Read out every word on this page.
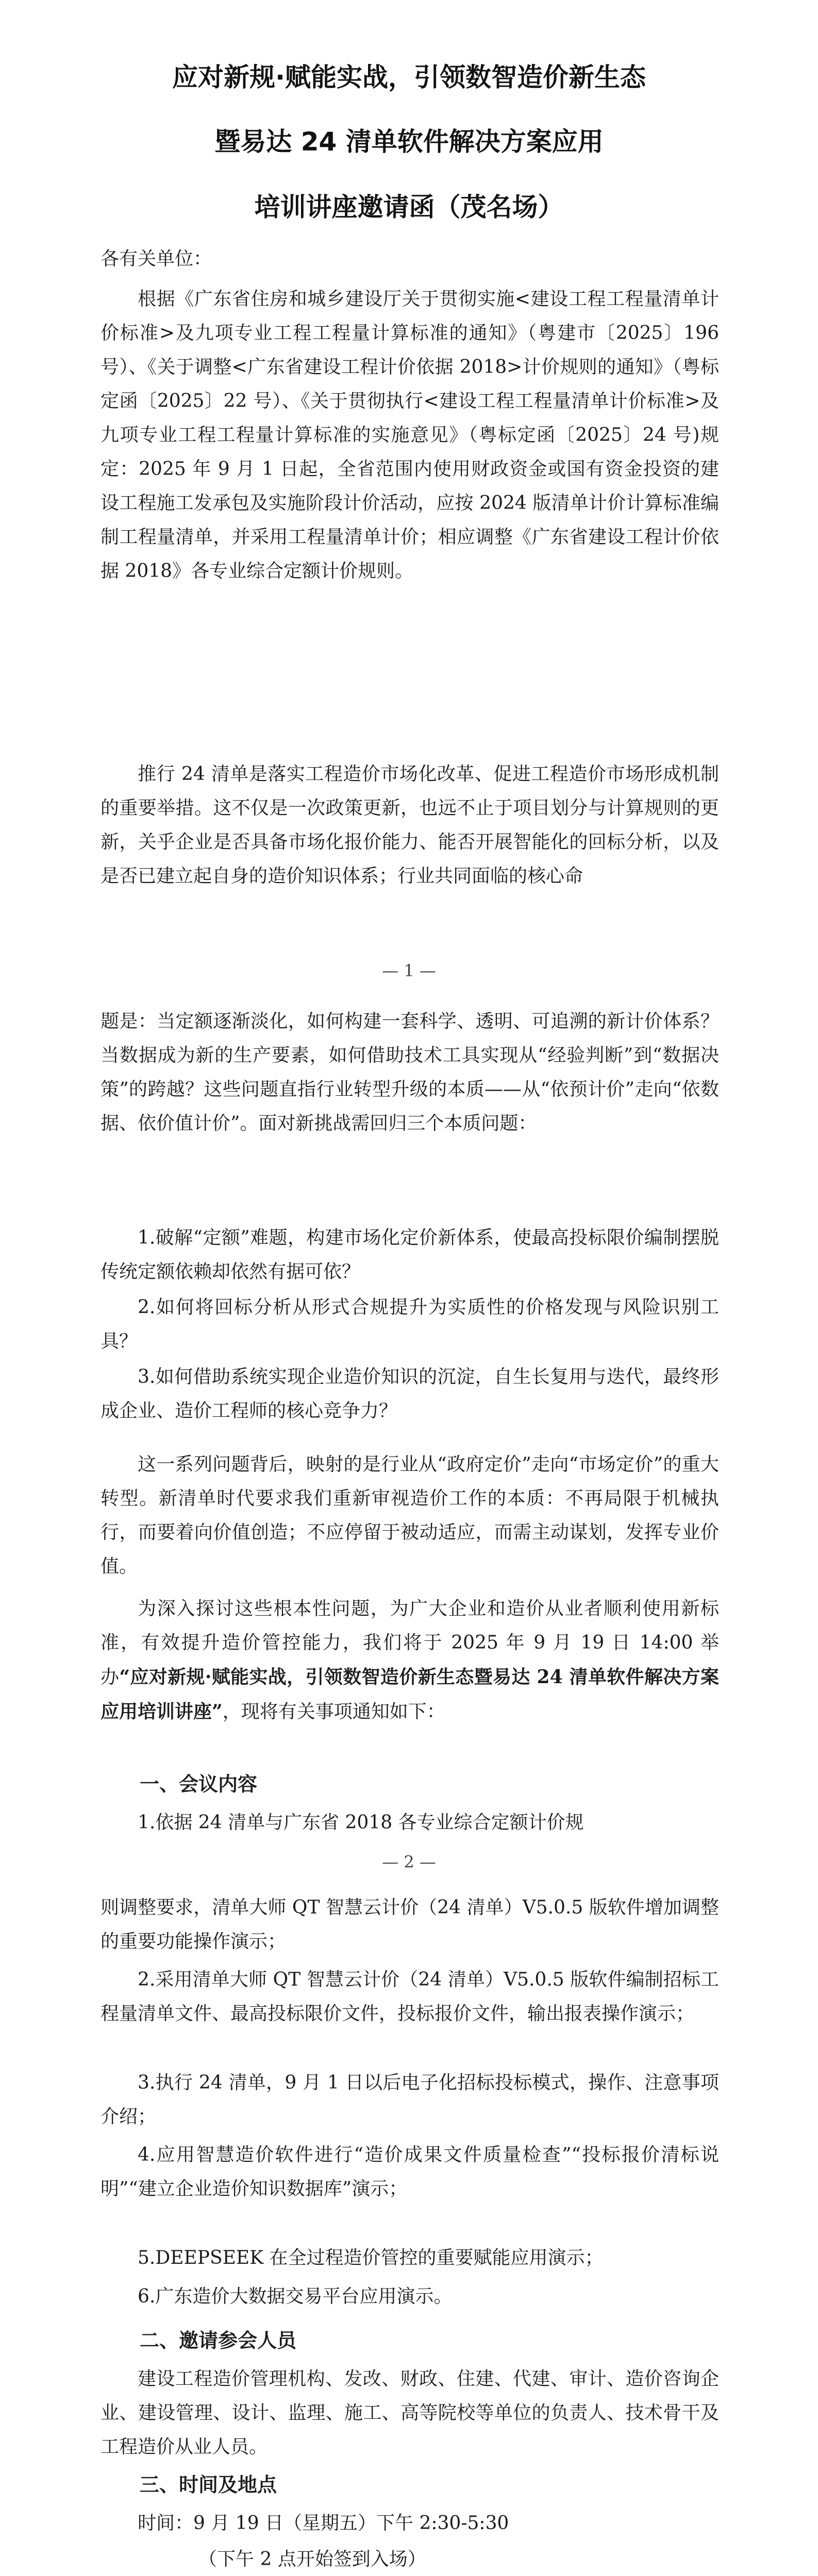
应对新规·赋能实战，引领数智造价新生态
暨易达 24 清单软件解决方案应用
培训讲座邀请函（茂名场）

各有关单位：

根据《广东省住房和城乡建设厅关于贯彻实施<建设工程工程量清单计价标准>及九项专业工程工程量计算标准的通知》（粤建市〔2025〕196号）、《关于调整<广东省建设工程计价依据 2018>计价规则的通知》（粤标定函〔2025〕22 号）、《关于贯彻执行<建设工程工程量清单计价标准>及九项专业工程工程量计算标准的实施意见》（粤标定函〔2025〕24 号)规定：2025 年 9 月 1 日起，全省范围内使用财政资金或国有资金投资的建设工程施工发承包及实施阶段计价活动，应按 2024 版清单计价计算标准编制工程量清单，并采用工程量清单计价；相应调整《广东省建设工程计价依据 2018》各专业综合定额计价规则。

推行 24 清单是落实工程造价市场化改革、促进工程造价市场形成机制的重要举措。这不仅是一次政策更新，也远不止于项目划分与计算规则的更新，关乎企业是否具备市场化报价能力、能否开展智能化的回标分析，以及是否已建立起自身的造价知识体系；行业共同面临的核心命

— 1 —

题是：当定额逐渐淡化，如何构建一套科学、透明、可追溯的新计价体系？当数据成为新的生产要素，如何借助技术工具实现从“经验判断”到“数据决策”的跨越？这些问题直指行业转型升级的本质——从“依预计价”走向“依数据、依价值计价”。面对新挑战需回归三个本质问题：

1.破解“定额”难题，构建市场化定价新体系，使最高投标限价编制摆脱传统定额依赖却依然有据可依？

2.如何将回标分析从形式合规提升为实质性的价格发现与风险识别工具？

3.如何借助系统实现企业造价知识的沉淀，自生长复用与迭代，最终形成企业、造价工程师的核心竞争力？

这一系列问题背后，映射的是行业从“政府定价”走向“市场定价”的重大转型。新清单时代要求我们重新审视造价工作的本质：不再局限于机械执行，而要着向价值创造；不应停留于被动适应，而需主动谋划，发挥专业价值。

为深入探讨这些根本性问题，为广大企业和造价从业者顺利使用新标准，有效提升造价管控能力，我们将于 2025 年 9 月 19 日 14:00 举办“应对新规·赋能实战，引领数智造价新生态暨易达 24 清单软件解决方案应用培训讲座”，现将有关事项通知如下：

一、会议内容

1.依据 24 清单与广东省 2018 各专业综合定额计价规

— 2 —

则调整要求，清单大师 QT 智慧云计价（24 清单）V5.0.5 版软件增加调整的重要功能操作演示；

2.采用清单大师 QT 智慧云计价（24 清单）V5.0.5 版软件编制招标工程量清单文件、最高投标限价文件，投标报价文件，输出报表操作演示；

3.执行 24 清单，9 月 1 日以后电子化招标投标模式，操作、注意事项介绍；

4.应用智慧造价软件进行“造价成果文件质量检查”“投标报价清标说明”“建立企业造价知识数据库”演示；

5.DEEPSEEK 在全过程造价管控的重要赋能应用演示；

6.广东造价大数据交易平台应用演示。

二、邀请参会人员

建设工程造价管理机构、发改、财政、住建、代建、审计、造价咨询企业、建设管理、设计、监理、施工、高等院校等单位的负责人、技术骨干及工程造价从业人员。

三、时间及地点

时间：9 月 19 日（星期五）下午 2:30-5:30

（下午 2 点开始签到入场）
